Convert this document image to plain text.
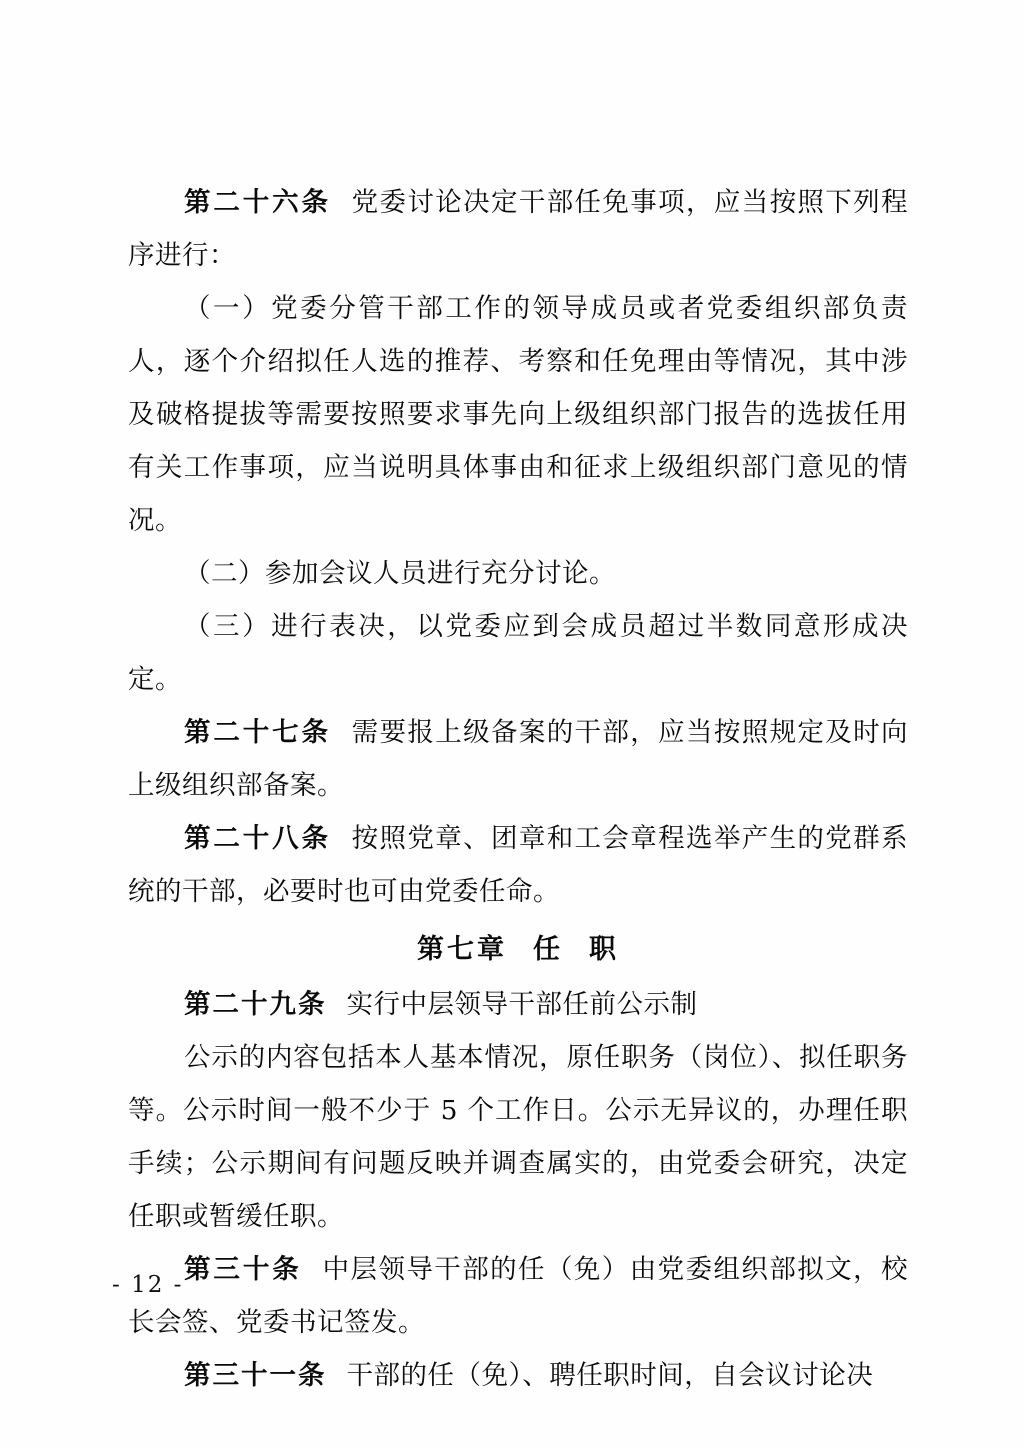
第二十六条 党委讨论决定干部任免事项，应当按照下列程序进行：

（一）党委分管干部工作的领导成员或者党委组织部负责人，逐个介绍拟任人选的推荐、考察和任免理由等情况，其中涉及破格提拔等需要按照要求事先向上级组织部门报告的选拔任用有关工作事项，应当说明具体事由和征求上级组织部门意见的情况。

（二）参加会议人员进行充分讨论。

（三）进行表决，以党委应到会成员超过半数同意形成决定。

第二十七条 需要报上级备案的干部，应当按照规定及时向上级组织部备案。

第二十八条 按照党章、团章和工会章程选举产生的党群系统的干部，必要时也可由党委任命。

第七章 任 职

第二十九条 实行中层领导干部任前公示制

公示的内容包括本人基本情况，原任职务（岗位）、拟任职务等。公示时间一般不少于 5 个工作日。公示无异议的，办理任职手续；公示期间有问题反映并调查属实的，由党委会研究，决定任职或暂缓任职。

第三十条 中层领导干部的任（免）由党委组织部拟文，校长会签、党委书记签发。

第三十一条 干部的任（免）、聘任职时间，自会议讨论决

- 12 -
